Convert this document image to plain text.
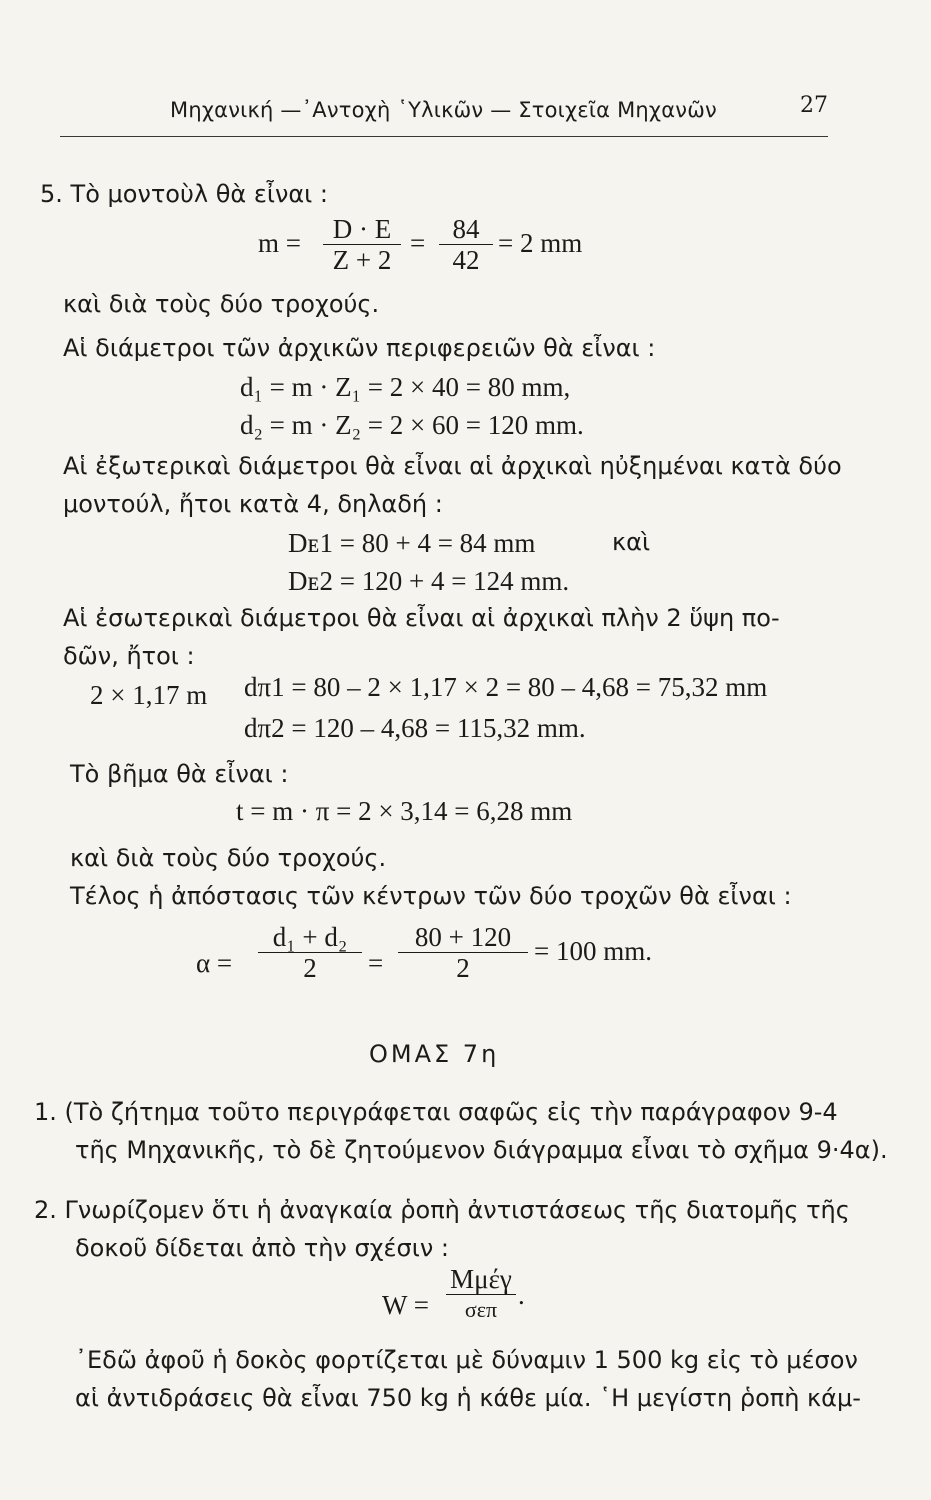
Μηχανική —᾽Αντοχὴ ῾Υλικῶν — Στοιχεῖα Μηχανῶν	27
5. Τὸ μοντοὺλ θὰ εἶναι :
m = D · E
Z + 2
= 84
42
= 2 mm
καὶ διὰ τοὺς δύο τροχούς.
Αἱ διάμετροι τῶν ἀρχικῶν περιφερειῶν θὰ εἶναι :
d₁ = m · Z₁ = 2 × 40 = 80 mm,
d₂ = m · Z₂ = 2 × 60 = 120 mm.
Αἱ ἐξωτερικαὶ διάμετροι θὰ εἶναι αἱ ἀρχικαὶ ηὐξημέναι κατὰ δύο
μοντούλ, ἤτοι κατὰ 4, δηλαδή :
Dᴇ1 = 80 + 4 = 84 mm	καὶ
Dᴇ2 = 120 + 4 = 124 mm.
Αἱ ἐσωτερικαὶ διάμετροι θὰ εἶναι αἱ ἀρχικαὶ πλὴν 2 ὕψη πο-
δῶν, ἤτοι :
2 × 1,17 m dπ1 = 80 – 2 × 1,17 × 2 = 80 – 4,68 = 75,32 mm
dπ2 = 120 – 4,68 = 115,32 mm.
Τὸ βῆμα θὰ εἶναι :
t = m · π = 2 × 3,14 = 6,28 mm
καὶ διὰ τοὺς δύο τροχούς.
Τέλος ἡ ἀπόστασις τῶν κέντρων τῶν δύο τροχῶν θὰ εἶναι :
α =
d₁ + d₂
2 =
80 + 120
2
= 100 mm.
ΟΜΑΣ 7η
1. (Τὸ ζήτημα τοῦτο περιγράφεται σαφῶς εἰς τὴν παράγραφον 9-4
τῆς Μηχανικῆς, τὸ δὲ ζητούμενον διάγραμμα εἶναι τὸ σχῆμα 9·4α).
2. Γνωρίζομεν ὅτι ἡ ἀναγκαία ῥοπὴ ἀντιστάσεως τῆς διατομῆς τῆς
δοκοῦ δίδεται ἀπὸ τὴν σχέσιν :
W =
Mμέγ
σεπ .
᾽Εδῶ ἀφοῦ ἡ δοκὸς φορτίζεται μὲ δύναμιν 1 500 kg εἰς τὸ μέσον
αἱ ἀντιδράσεις θὰ εἶναι 750 kg ἡ κάθε μία. ῾Η μεγίστη ῥοπὴ κάμ-
